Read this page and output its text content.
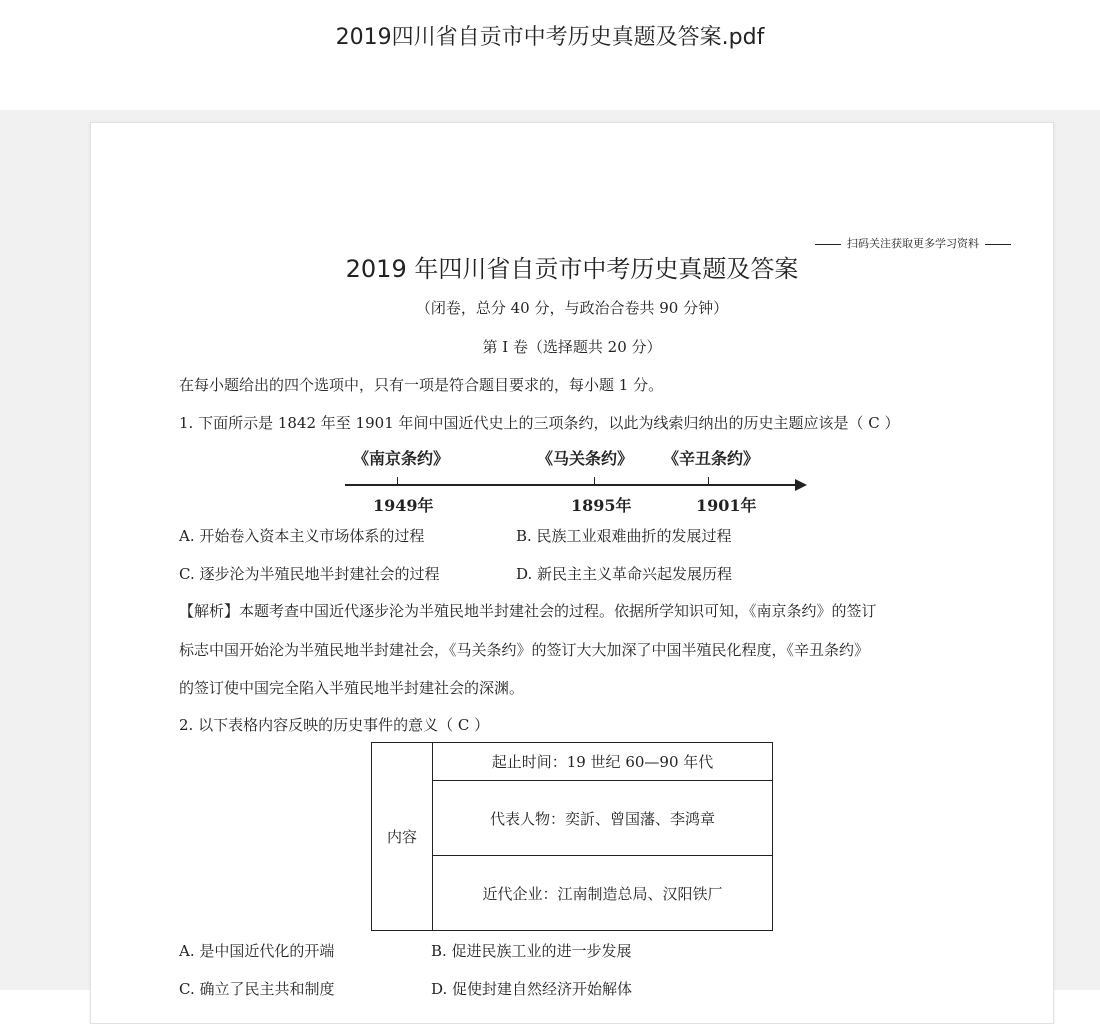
2019四川省自贡市中考历史真题及答案.pdf
扫码关注获取更多学习资料
2019 年四川省自贡市中考历史真题及答案
（闭卷，总分 40 分，与政治合卷共 90 分钟）
第 I 卷（选择题共 20 分）
在每小题给出的四个选项中，只有一项是符合题目要求的，每小题 1 分。
1. 下面所示是 1842 年至 1901 年间中国近代史上的三项条约，以此为线索归纳出的历史主题应该是（ C ）
《南京条约》	《马关条约》 《辛丑条约》
1949年	1895年	1901年
A. 开始卷入资本主义市场体系的过程	B. 民族工业艰难曲折的发展过程
C. 逐步沦为半殖民地半封建社会的过程	D. 新民主主义革命兴起发展历程
【解析】本题考查中国近代逐步沦为半殖民地半封建社会的过程。依据所学知识可知，《南京条约》的签订
标志中国开始沦为半殖民地半封建社会，《马关条约》的签订大大加深了中国半殖民化程度，《辛丑条约》
的签订使中国完全陷入半殖民地半封建社会的深渊。
2. 以下表格内容反映的历史事件的意义（ C ）
内容	起止时间：19 世纪 60—90 年代
代表人物：奕訢、曾国藩、李鸿章
近代企业：江南制造总局、汉阳铁厂
A. 是中国近代化的开端	B. 促进民族工业的进一步发展
C. 确立了民主共和制度	D. 促使封建自然经济开始解体
